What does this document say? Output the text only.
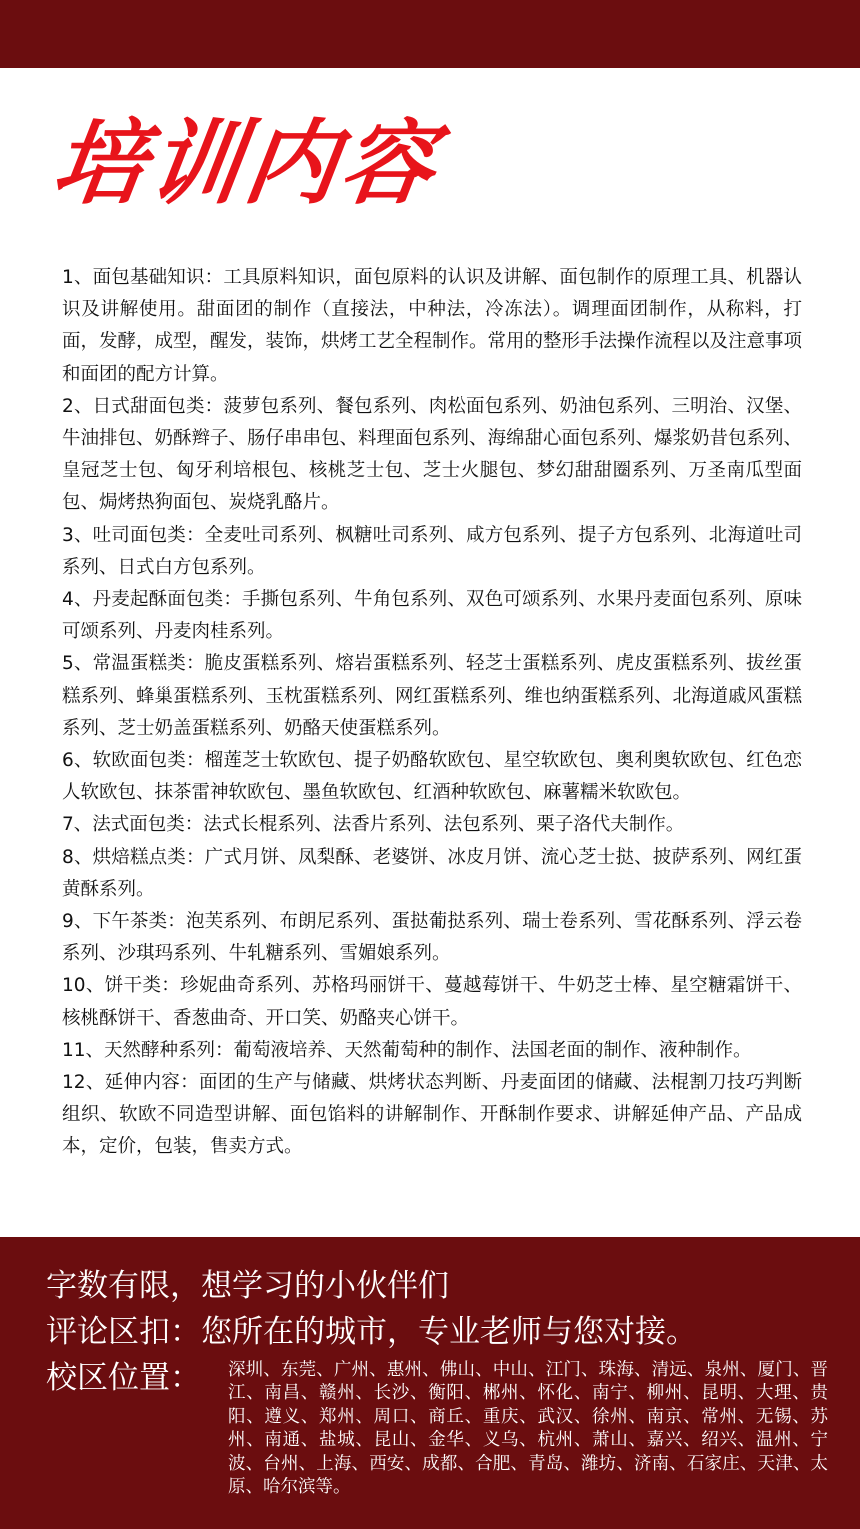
培训内容

1、面包基础知识：工具原料知识，面包原料的认识及讲解、面包制作的原理工具、机器认识及讲解使用。甜面团的制作（直接法，中种法，冷冻法）。调理面团制作，从称料，打面，发酵，成型，醒发，装饰，烘烤工艺全程制作。常用的整形手法操作流程以及注意事项和面团的配方计算。

2、日式甜面包类：菠萝包系列、餐包系列、肉松面包系列、奶油包系列、三明治、汉堡、牛油排包、奶酥辫子、肠仔串串包、料理面包系列、海绵甜心面包系列、爆浆奶昔包系列、皇冠芝士包、匈牙利培根包、核桃芝士包、芝士火腿包、梦幻甜甜圈系列、万圣南瓜型面包、焗烤热狗面包、炭烧乳酪片。

3、吐司面包类：全麦吐司系列、枫糖吐司系列、咸方包系列、提子方包系列、北海道吐司系列、日式白方包系列。

4、丹麦起酥面包类：手撕包系列、牛角包系列、双色可颂系列、水果丹麦面包系列、原味可颂系列、丹麦肉桂系列。

5、常温蛋糕类：脆皮蛋糕系列、熔岩蛋糕系列、轻芝士蛋糕系列、虎皮蛋糕系列、拔丝蛋糕系列、蜂巢蛋糕系列、玉枕蛋糕系列、网红蛋糕系列、维也纳蛋糕系列、北海道戚风蛋糕系列、芝士奶盖蛋糕系列、奶酪天使蛋糕系列。

6、软欧面包类：榴莲芝士软欧包、提子奶酪软欧包、星空软欧包、奥利奥软欧包、红色恋人软欧包、抹茶雷神软欧包、墨鱼软欧包、红酒种软欧包、麻薯糯米软欧包。

7、法式面包类：法式长棍系列、法香片系列、法包系列、栗子洛代夫制作。

8、烘焙糕点类：广式月饼、凤梨酥、老婆饼、冰皮月饼、流心芝士挞、披萨系列、网红蛋黄酥系列。

9、下午茶类：泡芙系列、布朗尼系列、蛋挞葡挞系列、瑞士卷系列、雪花酥系列、浮云卷系列、沙琪玛系列、牛轧糖系列、雪媚娘系列。

10、饼干类：珍妮曲奇系列、苏格玛丽饼干、蔓越莓饼干、牛奶芝士棒、星空糖霜饼干、核桃酥饼干、香葱曲奇、开口笑、奶酪夹心饼干。

11、天然酵种系列：葡萄液培养、天然葡萄种的制作、法国老面的制作、液种制作。

12、延伸内容：面团的生产与储藏、烘烤状态判断、丹麦面团的储藏、法棍割刀技巧判断组织、软欧不同造型讲解、面包馅料的讲解制作、开酥制作要求、讲解延伸产品、产品成本，定价，包装，售卖方式。

字数有限，想学习的小伙伴们
评论区扣：您所在的城市，专业老师与您对接。
校区位置： 深圳、东莞、广州、惠州、佛山、中山、江门、珠海、清远、泉州、厦门、晋江、南昌、赣州、长沙、衡阳、郴州、怀化、南宁、柳州、昆明、大理、贵阳、遵义、郑州、周口、商丘、重庆、武汉、徐州、南京、常州、无锡、苏州、南通、盐城、昆山、金华、义乌、杭州、萧山、嘉兴、绍兴、温州、宁波、台州、上海、西安、成都、合肥、青岛、潍坊、济南、石家庄、天津、太原、哈尔滨等。
